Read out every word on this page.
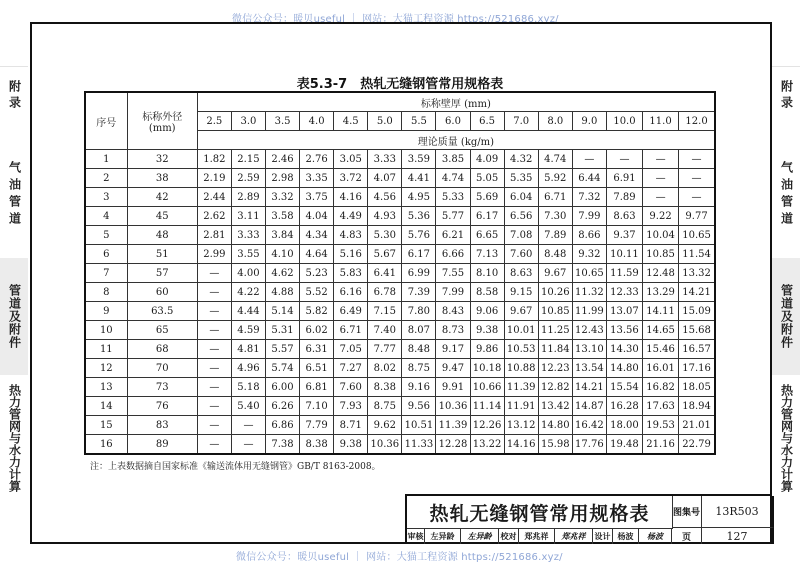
微信公众号：暖贝useful ｜ 网站：大猫工程资源 https://521686.xyz/
附录
气油管道
管道及附件
热力管网与水力计算
附录
气油管道
管道及附件
热力管网与水力计算
表5.3-7　热轧无缝钢管常用规格表
序号	标称外径
(mm)	标称壁厚 (mm)														
		2.5	3.0	3.5	4.0	4.5	5.0	5.5	6.0	6.5	7.0	8.0	9.0	10.0	11.0	12.0
		理论质量 (kg/m)														
1	32	1.82	2.15	2.46	2.76	3.05	3.33	3.59	3.85	4.09	4.32	4.74	—	—	—	—
2	38	2.19	2.59	2.98	3.35	3.72	4.07	4.41	4.74	5.05	5.35	5.92	6.44	6.91	—	—
3	42	2.44	2.89	3.32	3.75	4.16	4.56	4.95	5.33	5.69	6.04	6.71	7.32	7.89	—	—
4	45	2.62	3.11	3.58	4.04	4.49	4.93	5.36	5.77	6.17	6.56	7.30	7.99	8.63	9.22	9.77
5	48	2.81	3.33	3.84	4.34	4.83	5.30	5.76	6.21	6.65	7.08	7.89	8.66	9.37	10.04	10.65
6	51	2.99	3.55	4.10	4.64	5.16	5.67	6.17	6.66	7.13	7.60	8.48	9.32	10.11	10.85	11.54
7	57	—	4.00	4.62	5.23	5.83	6.41	6.99	7.55	8.10	8.63	9.67	10.65	11.59	12.48	13.32
8	60	—	4.22	4.88	5.52	6.16	6.78	7.39	7.99	8.58	9.15	10.26	11.32	12.33	13.29	14.21
9	63.5	—	4.44	5.14	5.82	6.49	7.15	7.80	8.43	9.06	9.67	10.85	11.99	13.07	14.11	15.09
10	65	—	4.59	5.31	6.02	6.71	7.40	8.07	8.73	9.38	10.01	11.25	12.43	13.56	14.65	15.68
11	68	—	4.81	5.57	6.31	7.05	7.77	8.48	9.17	9.86	10.53	11.84	13.10	14.30	15.46	16.57
12	70	—	4.96	5.74	6.51	7.27	8.02	8.75	9.47	10.18	10.88	12.23	13.54	14.80	16.01	17.16
13	73	—	5.18	6.00	6.81	7.60	8.38	9.16	9.91	10.66	11.39	12.82	14.21	15.54	16.82	18.05
14	76	—	5.40	6.26	7.10	7.93	8.75	9.56	10.36	11.14	11.91	13.42	14.87	16.28	17.63	18.94
15	83	—	—	6.86	7.79	8.71	9.62	10.51	11.39	12.26	13.12	14.80	16.42	18.00	19.53	21.01
16	89	—	—	7.38	8.38	9.38	10.36	11.33	12.28	13.22	14.16	15.98	17.76	19.48	21.16	22.79
注：上表数据摘自国家标准《输送流体用无缝钢管》GB/T 8163-2008。
热轧无缝钢管常用规格表	图集号	13R503
页	127
审核 左异龄	左异龄	校对	郑兆祥	郑兆祥	设计 杨波	杨波
微信公众号：暖贝useful ｜ 网站：大猫工程资源 https://521686.xyz/
